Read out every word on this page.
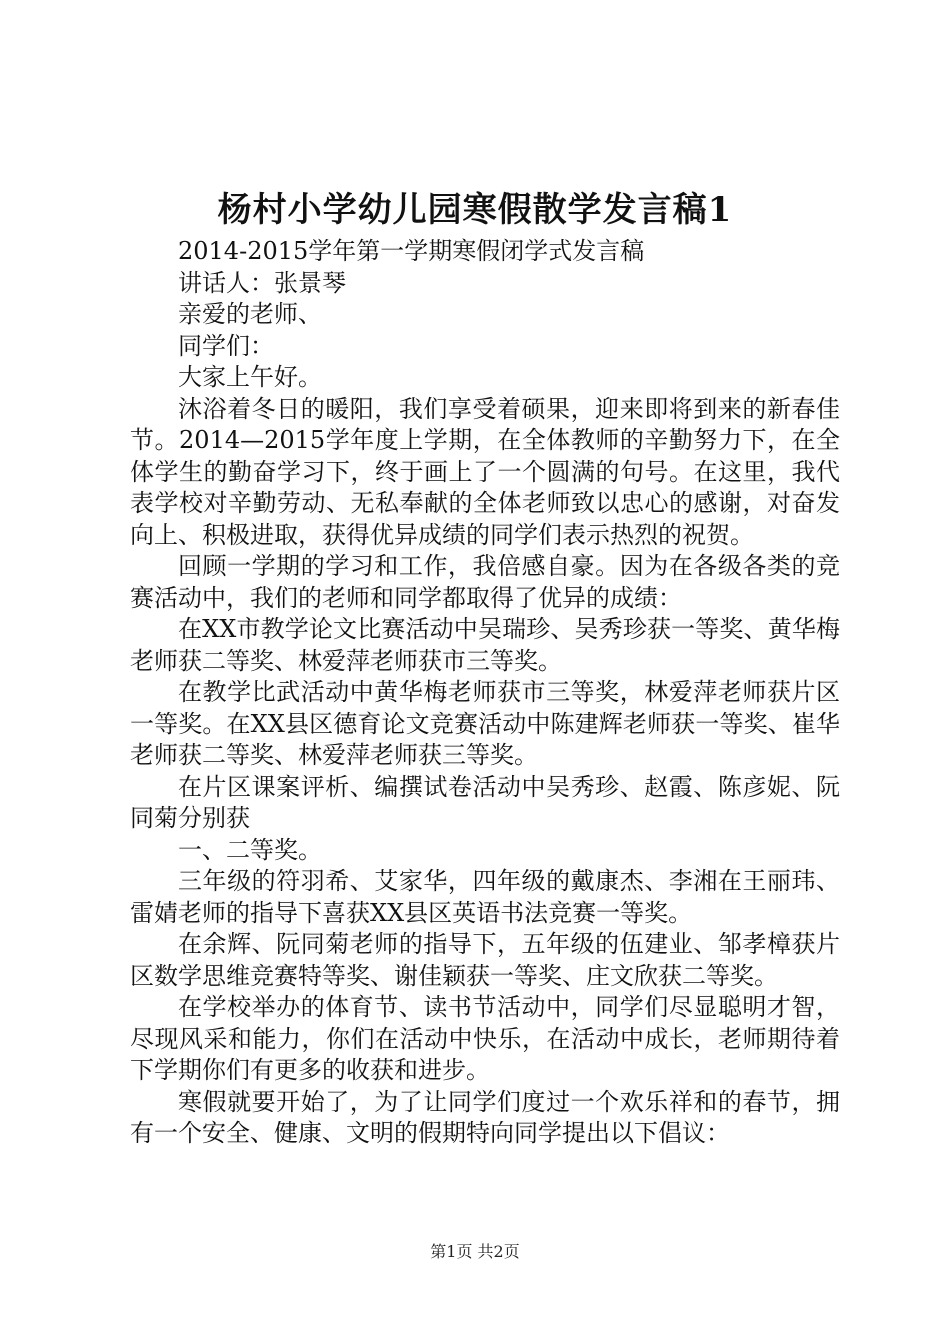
杨村小学幼儿园寒假散学发言稿1

2014-2015学年第一学期寒假闭学式发言稿

讲话人：张景琴

亲爱的老师、

同学们：

大家上午好。

沐浴着冬日的暖阳，我们享受着硕果，迎来即将到来的新春佳节。2014—2015学年度上学期，在全体教师的辛勤努力下，在全体学生的勤奋学习下，终于画上了一个圆满的句号。在这里，我代表学校对辛勤劳动、无私奉献的全体老师致以忠心的感谢，对奋发向上、积极进取，获得优异成绩的同学们表示热烈的祝贺。

回顾一学期的学习和工作，我倍感自豪。因为在各级各类的竞赛活动中，我们的老师和同学都取得了优异的成绩：

在XX市教学论文比赛活动中吴瑞珍、吴秀珍获一等奖、黄华梅老师获二等奖、林爱萍老师获市三等奖。

在教学比武活动中黄华梅老师获市三等奖，林爱萍老师获片区一等奖。在XX县区德育论文竞赛活动中陈建辉老师获一等奖、崔华老师获二等奖、林爱萍老师获三等奖。

在片区课案评析、编撰试卷活动中吴秀珍、赵霞、陈彦妮、阮同菊分别获

一、二等奖。

三年级的符羽希、艾家华，四年级的戴康杰、李湘在王丽玮、雷婧老师的指导下喜获XX县区英语书法竞赛一等奖。

在余辉、阮同菊老师的指导下，五年级的伍建业、邹孝樟获片区数学思维竞赛特等奖、谢佳颖获一等奖、庄文欣获二等奖。

在学校举办的体育节、读书节活动中，同学们尽显聪明才智，尽现风采和能力，你们在活动中快乐，在活动中成长，老师期待着下学期你们有更多的收获和进步。

寒假就要开始了，为了让同学们度过一个欢乐祥和的春节，拥有一个安全、健康、文明的假期特向同学提出以下倡议：

第1页 共2页
